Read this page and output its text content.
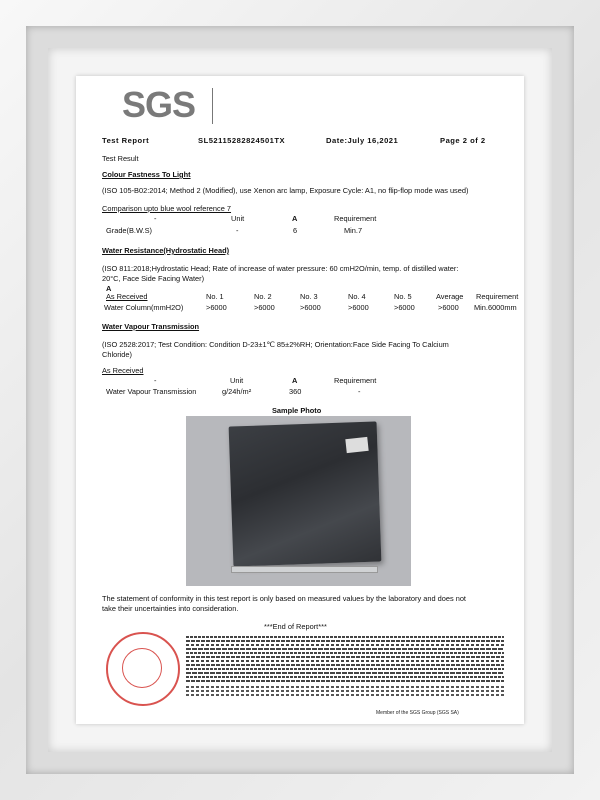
SGS
Test Report	SL52115282824501TX	Date:July 16,2021	Page 2 of 2
Test Result
Colour Fastness To Light
(ISO 105-B02:2014; Method 2 (Modified), use Xenon arc lamp, Exposure Cycle: A1, no flip-flop mode was used)
Comparison upto blue wool reference 7
-	Unit	A	Requirement
Grade(B.W.S)	-	6	Min.7
Water Resistance(Hydrostatic Head)
(ISO 811:2018;Hydrostatic Head; Rate of increase of water pressure: 60 cmH2O/min, temp. of distilled water:
20°C, Face Side Facing Water)
A
As Received	No. 1	No. 2	No. 3	No. 4	No. 5	Average Requirement
Water Column(mmH2O)	>6000	>6000	>6000	>6000	>6000	>6000 Min.6000mm
Water Vapour Transmission
(ISO 2528:2017; Test Condition: Condition D-23±1℃ 85±2%RH; Orientation:Face Side Facing To Calcium
Chloride)
As Received
-	Unit	A	Requirement
Water Vapour Transmission	g/24h/m²	360	-
Sample Photo
The statement of conformity in this test report is only based on measured values by the laboratory and does not
take their uncertainties into consideration.
***End of Report***
Member of the SGS Group (SGS SA)
